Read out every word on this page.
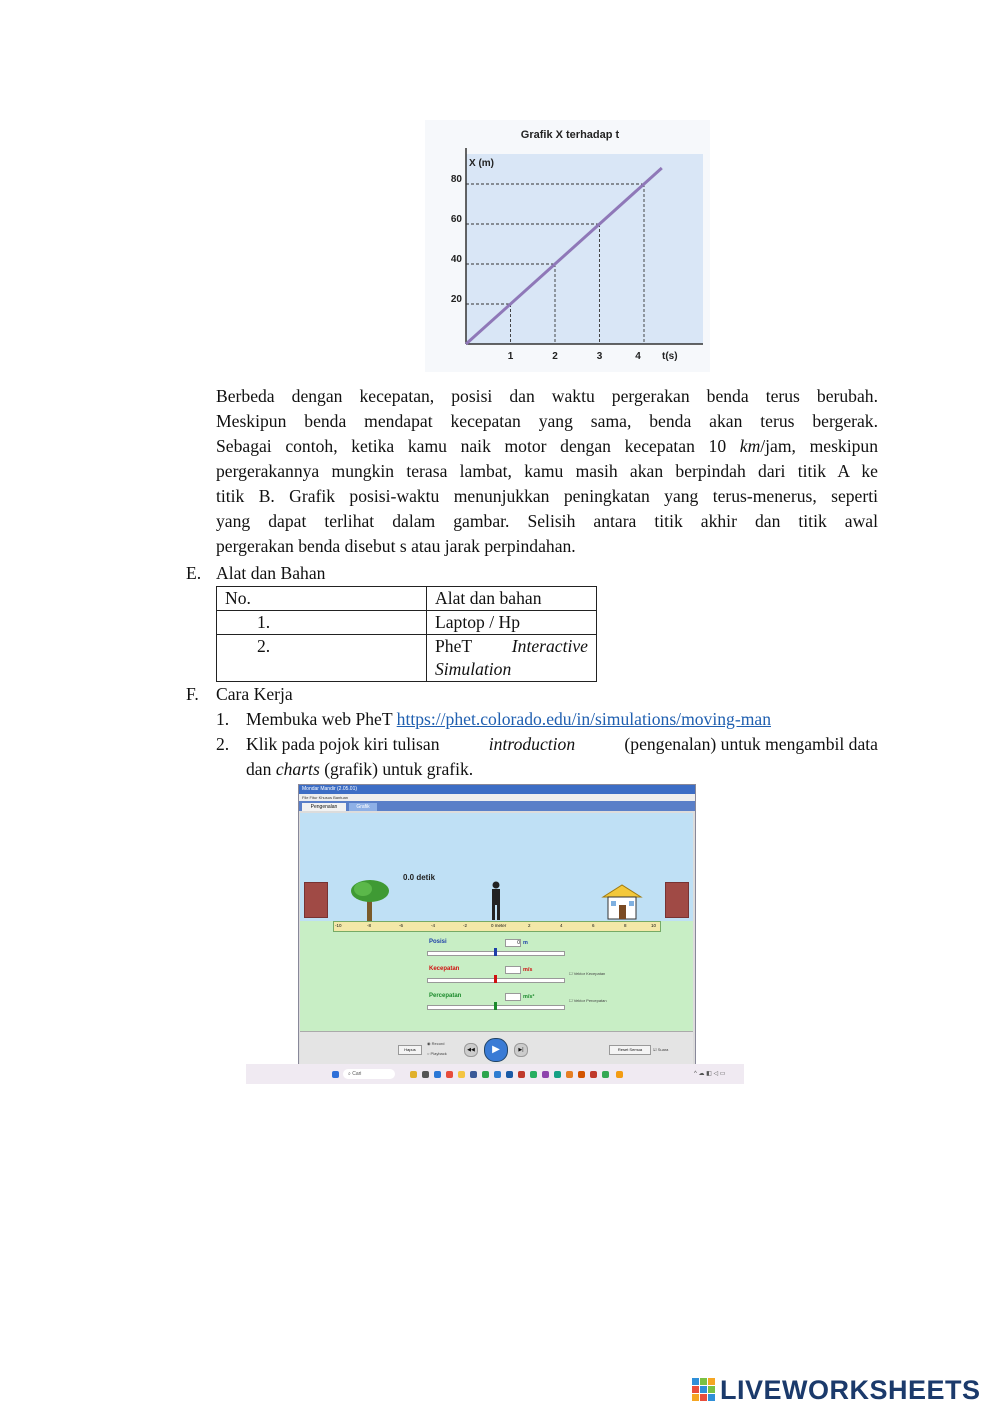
Grafik X terhadap t
X (m)
t(s)
20
40
60
80
1	2	3	4
Berbeda dengan kecepatan, posisi dan waktu pergerakan benda terus berubah.
Meskipun benda mendapat kecepatan yang sama, benda akan terus bergerak.
Sebagai contoh, ketika kamu naik motor dengan kecepatan 10 km/jam, meskipun
pergerakannya mungkin terasa lambat, kamu masih akan berpindah dari titik A ke
titik B. Grafik posisi-waktu menunjukkan peningkatan yang terus-menerus, seperti
yang dapat terlihat dalam gambar. Selisih antara titik akhir dan titik awal
pergerakan benda disebut s atau jarak perpindahan.
E. Alat dan Bahan
No.	Alat dan bahan
1.	Laptop / Hp
2.	PheT Interactive
Simulation
F. Cara Kerja
1. Membuka web PheT https://phet.colorado.edu/in/simulations/moving-man
2. Klik pada pojok kiri tulisan	introduction	(pengenalan) untuk mengambil data
dan charts (grafik) untuk grafik.
Mondar Mandir (2.05.01)
File Fitur Khusus Bantuan
Pengenalan	Grafik
0.0 detik
-10	-8	-6	-4	-2	0 meter	2	4	6	8	10
Posisi	0 m
Kecepatan	m/s
☐ Vektor Kecepatan
Percepatan	m/s²
☐ Vektor Percepatan
Hapus
◉ Record
○ Playback
◀◀	▶	▶|	Reset Semua	☑ Suara
⌕ Cari	^ ☁ ◧ ◁ ▭
LIVEWORKSHEETS
